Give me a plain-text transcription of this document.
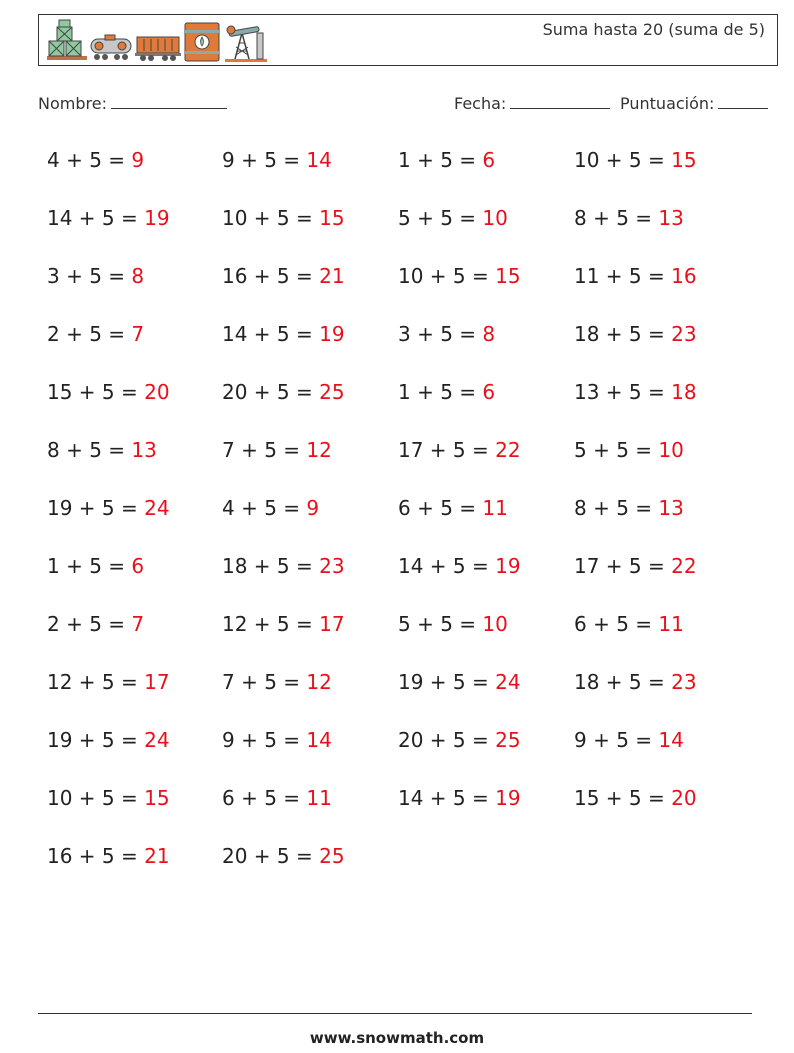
Suma hasta 20 (suma de 5)
Nombre:	Fecha:	Puntuación:
4 + 5 = 9	9 + 5 = 14	1 + 5 = 6	10 + 5 = 15
14 + 5 = 19	10 + 5 = 15	5 + 5 = 10	8 + 5 = 13
3 + 5 = 8	16 + 5 = 21	10 + 5 = 15	11 + 5 = 16
2 + 5 = 7	14 + 5 = 19	3 + 5 = 8	18 + 5 = 23
15 + 5 = 20	20 + 5 = 25	1 + 5 = 6	13 + 5 = 18
8 + 5 = 13	7 + 5 = 12	17 + 5 = 22	5 + 5 = 10
19 + 5 = 24	4 + 5 = 9	6 + 5 = 11	8 + 5 = 13
1 + 5 = 6	18 + 5 = 23	14 + 5 = 19	17 + 5 = 22
2 + 5 = 7	12 + 5 = 17	5 + 5 = 10	6 + 5 = 11
12 + 5 = 17	7 + 5 = 12	19 + 5 = 24	18 + 5 = 23
19 + 5 = 24	9 + 5 = 14	20 + 5 = 25	9 + 5 = 14
10 + 5 = 15	6 + 5 = 11	14 + 5 = 19	15 + 5 = 20
16 + 5 = 21	20 + 5 = 25
www.snowmath.com
